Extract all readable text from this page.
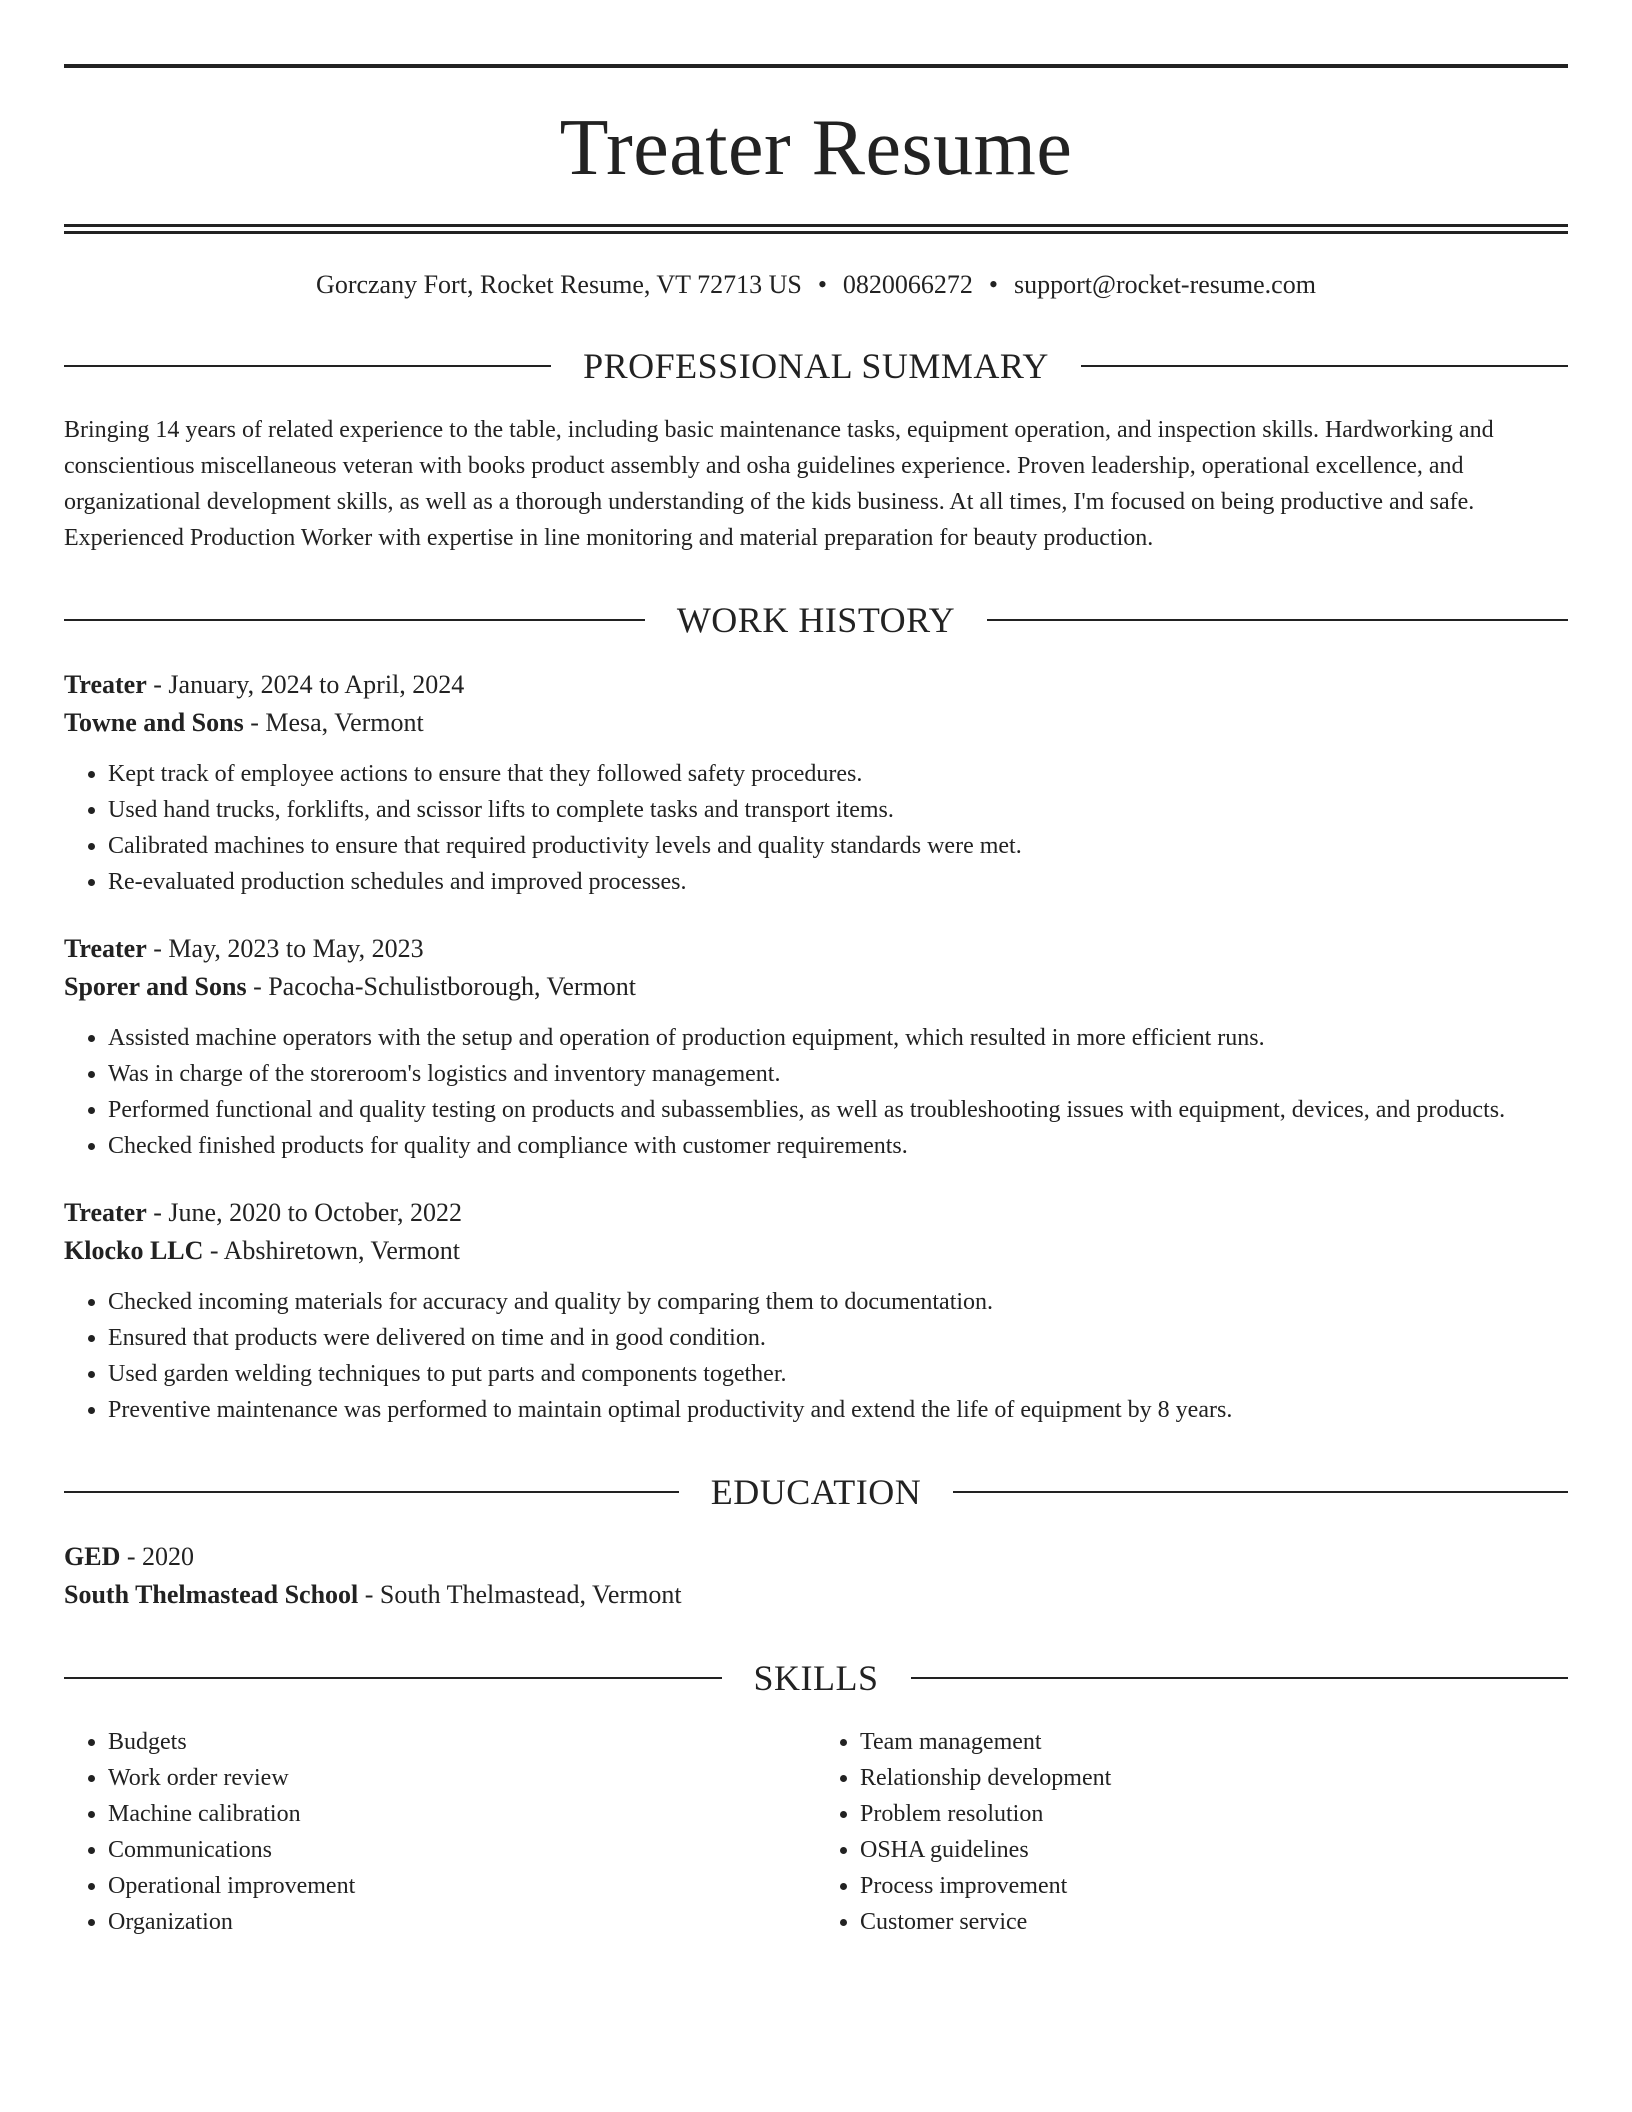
Treater Resume
Gorczany Fort, Rocket Resume, VT 72713 US • 0820066272 • support@rocket-resume.com
PROFESSIONAL SUMMARY

Bringing 14 years of related experience to the table, including basic maintenance tasks, equipment operation, and inspection skills. Hardworking and conscientious miscellaneous veteran with books product assembly and osha guidelines experience. Proven leadership, operational excellence, and organizational development skills, as well as a thorough understanding of the kids business. At all times, I'm focused on being productive and safe. Experienced Production Worker with expertise in line monitoring and material preparation for beauty production.

WORK HISTORY
Treater - January, 2024 to April, 2024
Towne and Sons - Mesa, Vermont
• Kept track of employee actions to ensure that they followed safety procedures.
• Used hand trucks, forklifts, and scissor lifts to complete tasks and transport items.
• Calibrated machines to ensure that required productivity levels and quality standards were met.
• Re-evaluated production schedules and improved processes.
Treater - May, 2023 to May, 2023
Sporer and Sons - Pacocha-Schulistborough, Vermont
• Assisted machine operators with the setup and operation of production equipment, which resulted in more efficient runs.
• Was in charge of the storeroom's logistics and inventory management.
• Performed functional and quality testing on products and subassemblies, as well as troubleshooting issues with equipment, devices, and products.
• Checked finished products for quality and compliance with customer requirements.
Treater - June, 2020 to October, 2022
Klocko LLC - Abshiretown, Vermont
• Checked incoming materials for accuracy and quality by comparing them to documentation.
• Ensured that products were delivered on time and in good condition.
• Used garden welding techniques to put parts and components together.
• Preventive maintenance was performed to maintain optimal productivity and extend the life of equipment by 8 years.
EDUCATION
GED - 2020
South Thelmastead School - South Thelmastead, Vermont
SKILLS
• Budgets
• Work order review
• Machine calibration
• Communications
• Operational improvement
• Organization
• Team management
• Relationship development
• Problem resolution
• OSHA guidelines
• Process improvement
• Customer service
